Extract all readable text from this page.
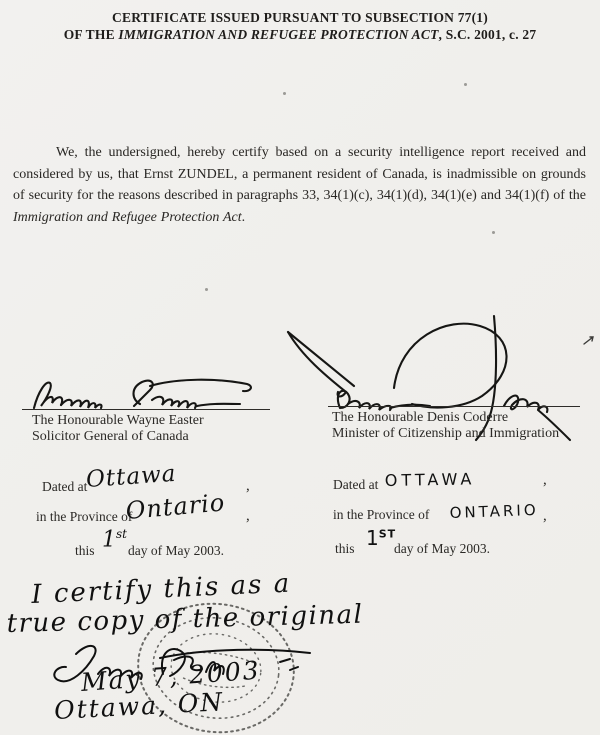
CERTIFICATE ISSUED PURSUANT TO SUBSECTION 77(1)
OF THE IMMIGRATION AND REFUGEE PROTECTION ACT, S.C. 2001, c. 27

We, the undersigned, hereby certify based on a security intelligence report received and considered by us, that Ernst ZUNDEL, a permanent resident of Canada, is inadmissible on grounds of security for the reasons described in paragraphs 33, 34(1)(c), 34(1)(d), 34(1)(e) and 34(1)(f) of the Immigration and Refugee Protection Act.

The Honourable Wayne Easter
Solicitor General of Canada
The Honourable Denis Coderre
Minister of Citizenship and Immigration
Dated at
Ottawa	,
in the Province of
Ontario ,
this 1st
day of May 2003.
Dated at OTTAWA	,
in the Province of ONTARIO ,
this 1ST
day of May 2003.
I certify this as a
true copy of the original
May 7, 2003
Ottawa, ON
